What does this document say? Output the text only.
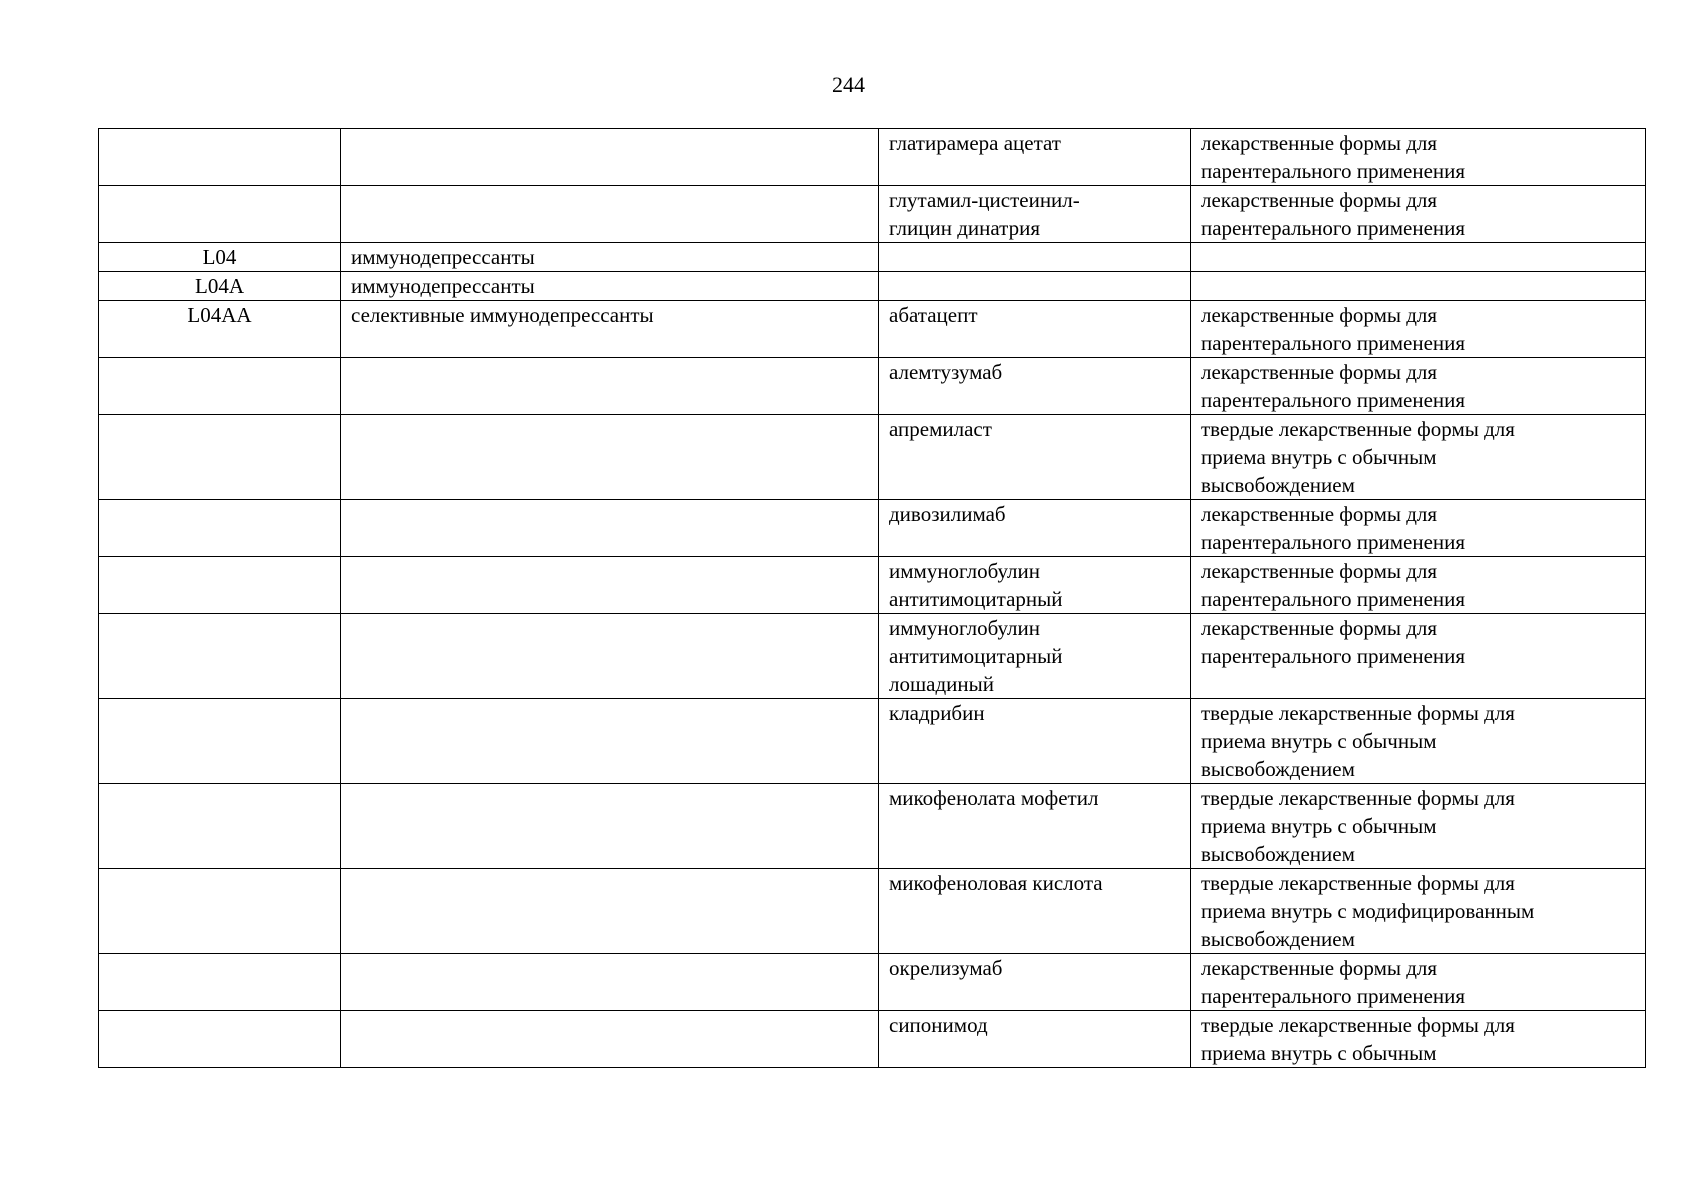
244

		глатирамера ацетат	лекарственные формы для
парентерального применения

		глутамил-цистеинил-
глицин динатрия	лекарственные формы для
парентерального применения

L04	иммунодепрессанты		

L04A	иммунодепрессанты		

L04AA	селективные иммунодепрессанты	абатацепт	лекарственные формы для
парентерального применения

		алемтузумаб	лекарственные формы для
парентерального применения

		апремиласт	твердые лекарственные формы для
приема внутрь с обычным
высвобождением

		дивозилимаб	лекарственные формы для
парентерального применения

		иммуноглобулин
антитимоцитарный	лекарственные формы для
парентерального применения

		иммуноглобулин
антитимоцитарный
лошадиный	лекарственные формы для
парентерального применения

		кладрибин	твердые лекарственные формы для
приема внутрь с обычным
высвобождением

		микофенолата мофетил	твердые лекарственные формы для
приема внутрь с обычным
высвобождением

		микофеноловая кислота	твердые лекарственные формы для
приема внутрь с модифицированным
высвобождением

		окрелизумаб	лекарственные формы для
парентерального применения

		сипонимод	твердые лекарственные формы для
приема внутрь с обычным
